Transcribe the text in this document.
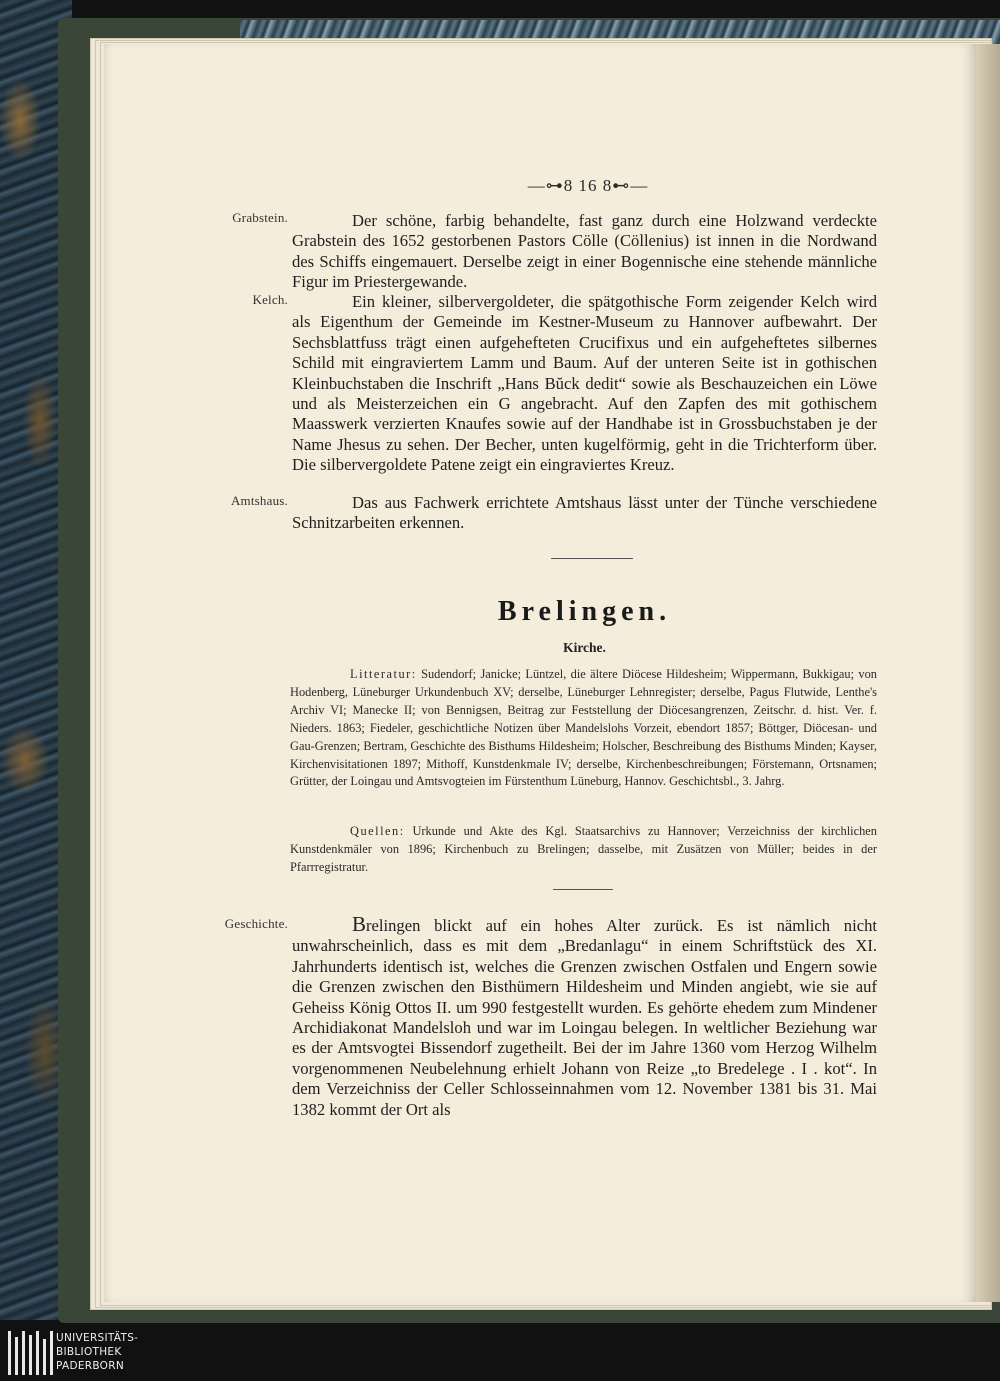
—⊶8 16 8⊷—
Grabstein.	Der schöne, farbig behandelte, fast ganz durch eine Holzwand verdeckte Grabstein des 1652 gestorbenen Pastors Cölle (Cöllenius) ist innen in die Nordwand des Schiffs eingemauert. Derselbe zeigt in einer Bogennische eine stehende männliche Figur im Priestergewande.
Kelch.	Ein kleiner, silbervergoldeter, die spätgothische Form zeigender Kelch wird als Eigenthum der Gemeinde im Kestner-Museum zu Hannover aufbewahrt. Der Sechsblattfuss trägt einen aufgehefteten Crucifixus und ein aufgeheftetes silbernes Schild mit eingraviertem Lamm und Baum. Auf der unteren Seite ist in gothischen Kleinbuchstaben die Inschrift „Hans Bŭck dedit“ sowie als Beschauzeichen ein Löwe und als Meisterzeichen ein G angebracht. Auf den Zapfen des mit gothischem Maasswerk verzierten Knaufes sowie auf der Handhabe ist in Grossbuchstaben je der Name Jhesus zu sehen. Der Becher, unten kugelförmig, geht in die Trichterform über. Die silbervergoldete Patene zeigt ein eingraviertes Kreuz.
Amtshaus.	Das aus Fachwerk errichtete Amtshaus lässt unter der Tünche verschiedene Schnitzarbeiten erkennen.
Brelingen.
Kirche.
Litteratur: Sudendorf; Janicke; Lüntzel, die ältere Diöcese Hildesheim; Wippermann, Bukkigau; von Hodenberg, Lüneburger Urkundenbuch XV; derselbe, Lüneburger Lehnregister; derselbe, Pagus Flutwide, Lenthe's Archiv VI; Manecke II; von Bennigsen, Beitrag zur Feststellung der Diöcesangrenzen, Zeitschr. d. hist. Ver. f. Nieders. 1863; Fiedeler, geschichtliche Notizen über Mandelslohs Vorzeit, ebendort 1857; Böttger, Diöcesan- und Gau-Grenzen; Bertram, Geschichte des Bisthums Hildesheim; Holscher, Beschreibung des Bisthums Minden; Kayser, Kirchenvisitationen 1897; Mithoff, Kunstdenkmale IV; derselbe, Kirchenbeschreibungen; Förstemann, Ortsnamen; Grütter, der Loingau und Amtsvogteien im Fürstenthum Lüneburg, Hannov. Geschichtsbl., 3. Jahrg.
Quellen: Urkunde und Akte des Kgl. Staatsarchivs zu Hannover; Verzeichniss der kirchlichen Kunstdenkmäler von 1896; Kirchenbuch zu Brelingen; dasselbe, mit Zusätzen von Müller; beides in der Pfarrregistratur.
Geschichte.	Brelingen blickt auf ein hohes Alter zurück. Es ist nämlich nicht unwahrscheinlich, dass es mit dem „Bredanlagu“ in einem Schriftstück des XI. Jahrhunderts identisch ist, welches die Grenzen zwischen Ostfalen und Engern sowie die Grenzen zwischen den Bisthümern Hildesheim und Minden angiebt, wie sie auf Geheiss König Ottos II. um 990 festgestellt wurden. Es gehörte ehedem zum Mindener Archidiakonat Mandelsloh und war im Loingau belegen. In weltlicher Beziehung war es der Amtsvogtei Bissendorf zugetheilt. Bei der im Jahre 1360 vom Herzog Wilhelm vorgenommenen Neubelehnung erhielt Johann von Reize „to Bredelege . I . kot“. In dem Verzeichniss der Celler Schlosseinnahmen vom 12. November 1381 bis 31. Mai 1382 kommt der Ort als
UNIVERSITÄTS-
BIBLIOTHEK
PADERBORN
